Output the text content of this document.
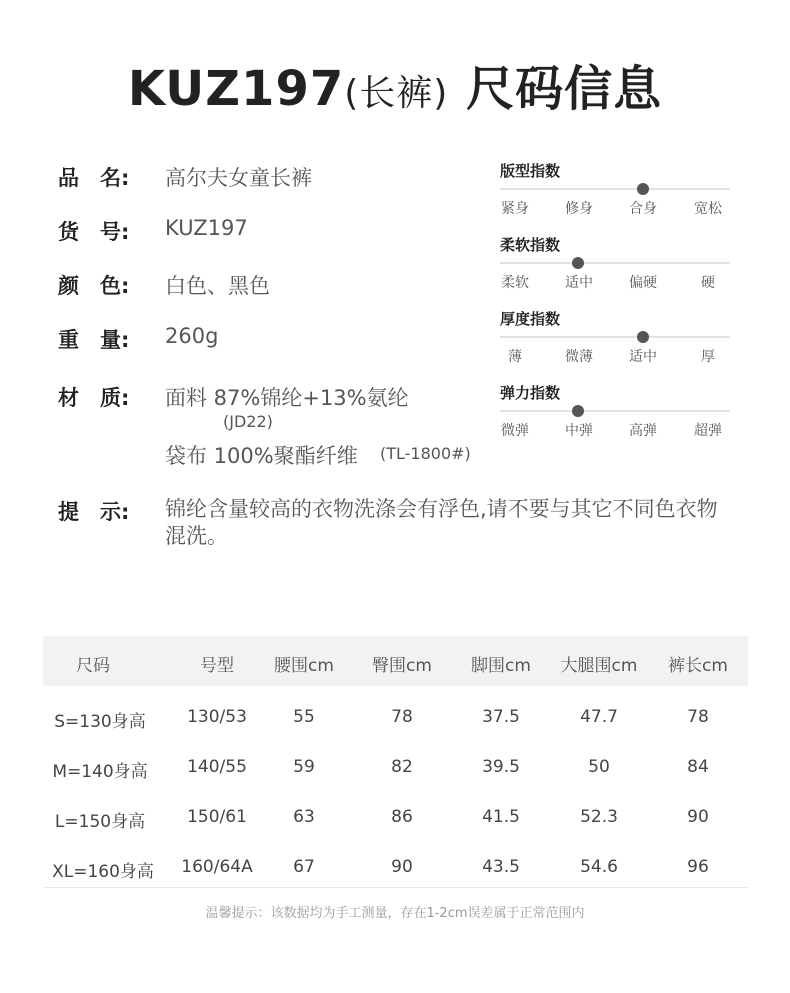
KUZ197(长裤) 尺码信息
品　名:	高尔夫女童长裤
货　号:	KUZ197
颜　色:	白色、黑色
重　量:	260g
材　质:	面料 87%锦纶+13%氨纶
(JD22)
袋布 100%聚酯纤维 (TL-1800#)
版型指数
紧身	修身	合身	宽松
柔软指数
柔软	适中	偏硬	硬
厚度指数
薄	微薄	适中	厚
弹力指数
微弹	中弹	高弹	超弹
提　示: 锦纶含量较高的衣物洗涤会有浮色,请不要与其它不同色衣物混洗。
尺码	号型 腰围cm 臀围cm 脚围cm 大腿围cm 裤长cm
S=130身高 130/53	55	78	37.5	47.7	78
M=140身高 140/55	59	82	39.5	50	84
L=150身高 150/61	63	86	41.5	52.3	90
XL=160身高 160/64A 67	90	43.5	54.6	96
温馨提示：该数据均为手工测量，存在1-2cm误差属于正常范围内
